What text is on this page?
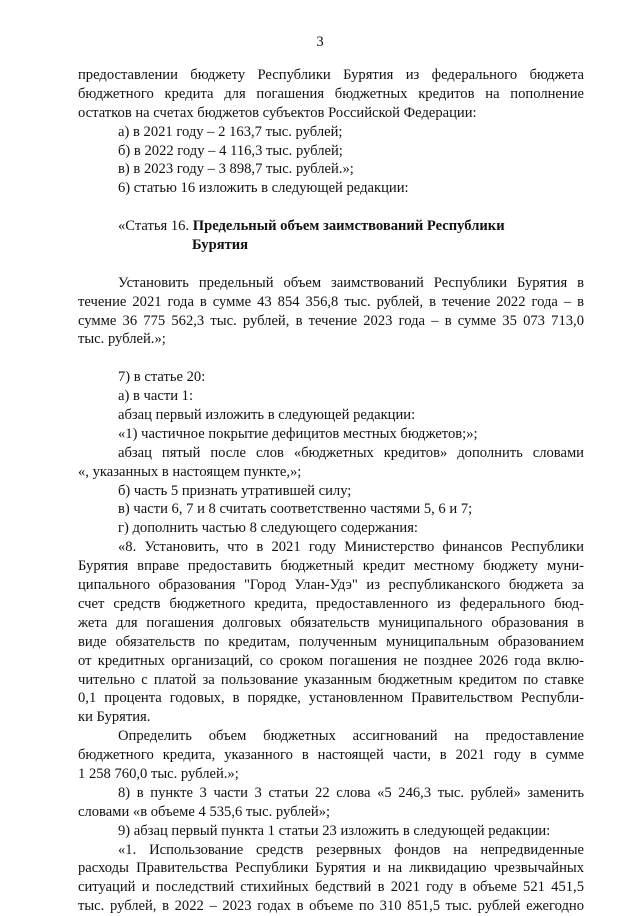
3
предоставлении бюджету Республики Бурятия из федерального бюджета
бюджетного кредита для погашения бюджетных кредитов на пополнение
остатков на счетах бюджетов субъектов Российской Федерации:
а) в 2021 году – 2 163,7 тыс. рублей;
б) в 2022 году – 4 116,3 тыс. рублей;
в) в 2023 году – 3 898,7 тыс. рублей.»;
6) статью 16 изложить в следующей редакции:
«Статья 16. Предельный объем заимствований Республики
Бурятия
Установить предельный объем заимствований Республики Бурятия в
течение 2021 года в сумме 43 854 356,8 тыс. рублей, в течение 2022 года – в
сумме 36 775 562,3 тыс. рублей, в течение 2023 года – в сумме 35 073 713,0
тыс. рублей.»;
7) в статье 20:
а) в части 1:
абзац первый изложить в следующей редакции:
«1) частичное покрытие дефицитов местных бюджетов;»;
абзац пятый после слов «бюджетных кредитов» дополнить словами
«, указанных в настоящем пункте,»;
б) часть 5 признать утратившей силу;
в) части 6, 7 и 8 считать соответственно частями 5, 6 и 7;
г) дополнить частью 8 следующего содержания:
«8. Установить, что в 2021 году Министерство финансов Республики
Бурятия вправе предоставить бюджетный кредит местному бюджету муни-
ципального образования "Город Улан-Удэ" из республиканского бюджета за
счет средств бюджетного кредита, предоставленного из федерального бюд-
жета для погашения долговых обязательств муниципального образования в
виде обязательств по кредитам, полученным муниципальным образованием
от кредитных организаций, со сроком погашения не позднее 2026 года вклю-
чительно с платой за пользование указанным бюджетным кредитом по ставке
0,1 процента годовых, в порядке, установленном Правительством Республи-
ки Бурятия.
Определить объем бюджетных ассигнований на предоставление
бюджетного кредита, указанного в настоящей части, в 2021 году в сумме
1 258 760,0 тыс. рублей.»;
8) в пункте 3 части 3 статьи 22 слова «5 246,3 тыс. рублей» заменить
словами «в объеме 4 535,6 тыс. рублей»;
9) абзац первый пункта 1 статьи 23 изложить в следующей редакции:
«1. Использование средств резервных фондов на непредвиденные
расходы Правительства Республики Бурятия и на ликвидацию чрезвычайных
ситуаций и последствий стихийных бедствий в 2021 году в объеме 521 451,5
тыс. рублей, в 2022 – 2023 годах в объеме по 310 851,5 тыс. рублей ежегодно
